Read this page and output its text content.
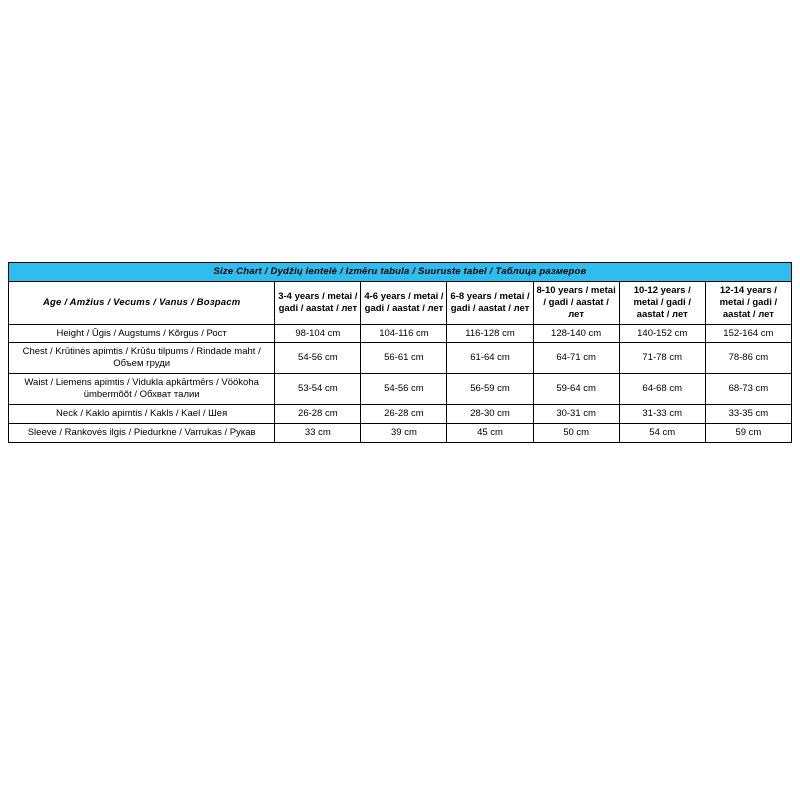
Size Chart / Dydžių lentelė / Izmēru tabula / Suuruste tabel / Таблица размеров						
Age / Amžius / Vecums / Vanus / Возраст	3-4 years / metai / gadi / aastat / лет	4-6 years / metai / gadi / aastat / лет	6-8 years / metai / gadi / aastat / лет	8-10 years / metai / gadi / aastat / лет	10-12 years / metai / gadi / aastat / лет	12-14 years / metai / gadi / aastat / лет
Height / Ūgis / Augstums / Kõrgus / Рост	98-104 cm	104-116 cm	116-128 cm	128-140 cm	140-152 cm	152-164 cm
Chest / Krūtinės apimtis / Krūšu tilpums / Rindade maht / Объем груди	54-56 cm	56-61 cm	61-64 cm	64-71 cm	71-78 cm	78-86 cm
Waist / Liemens apimtis / Vidukla apkārtmērs / Vöökoha ümbermõõt / Обхват талии	53-54 cm	54-56 cm	56-59 cm	59-64 cm	64-68 cm	68-73 cm
Neck / Kaklo apimtis / Kakls / Kael / Шея	26-28 cm	26-28 cm	28-30 cm	30-31 cm	31-33 cm	33-35 cm
Sleeve / Rankovės ilgis / Piedurkne / Varrukas / Рукав	33 cm	39 cm	45 cm	50 cm	54 cm	59 cm
